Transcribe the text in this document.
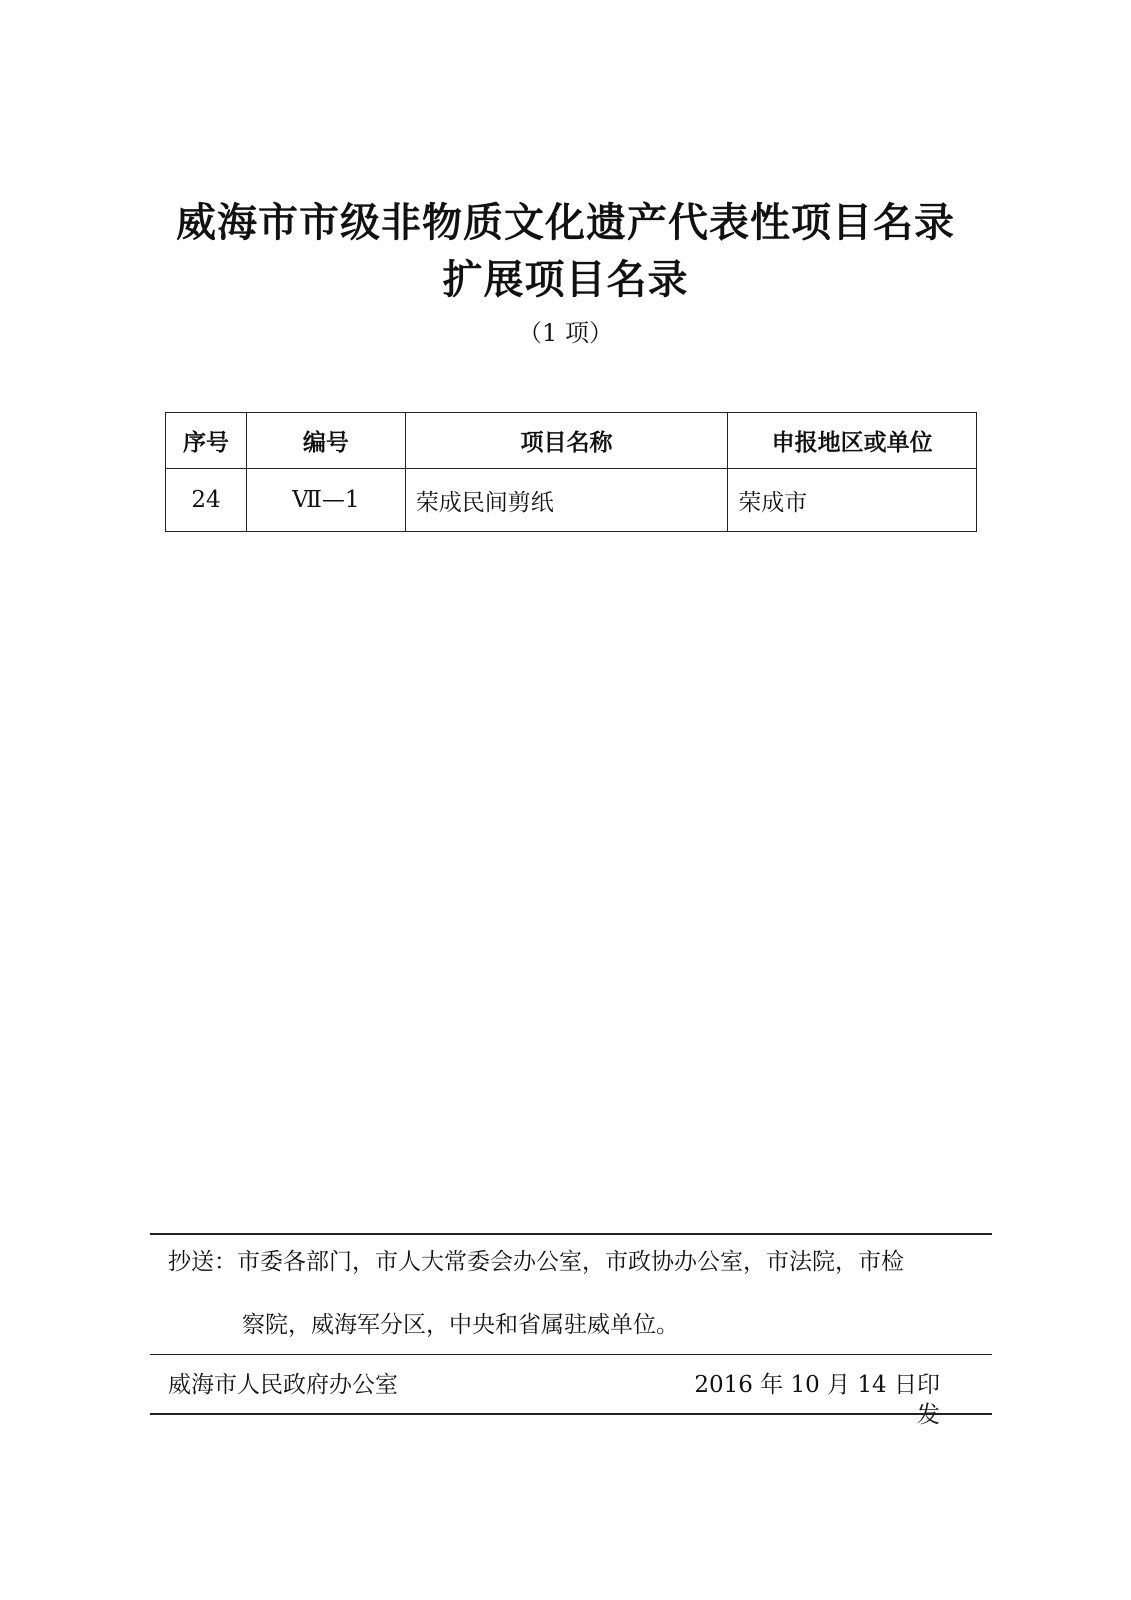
威海市市级非物质文化遗产代表性项目名录
扩展项目名录
（1 项）
序号	编号	项目名称	申报地区或单位
24	Ⅶ—1	荣成民间剪纸	荣成市
抄送：市委各部门，市人大常委会办公室，市政协办公室，市法院，市检
察院，威海军分区，中央和省属驻威单位。
威海市人民政府办公室	2016 年 10 月 14 日印发
